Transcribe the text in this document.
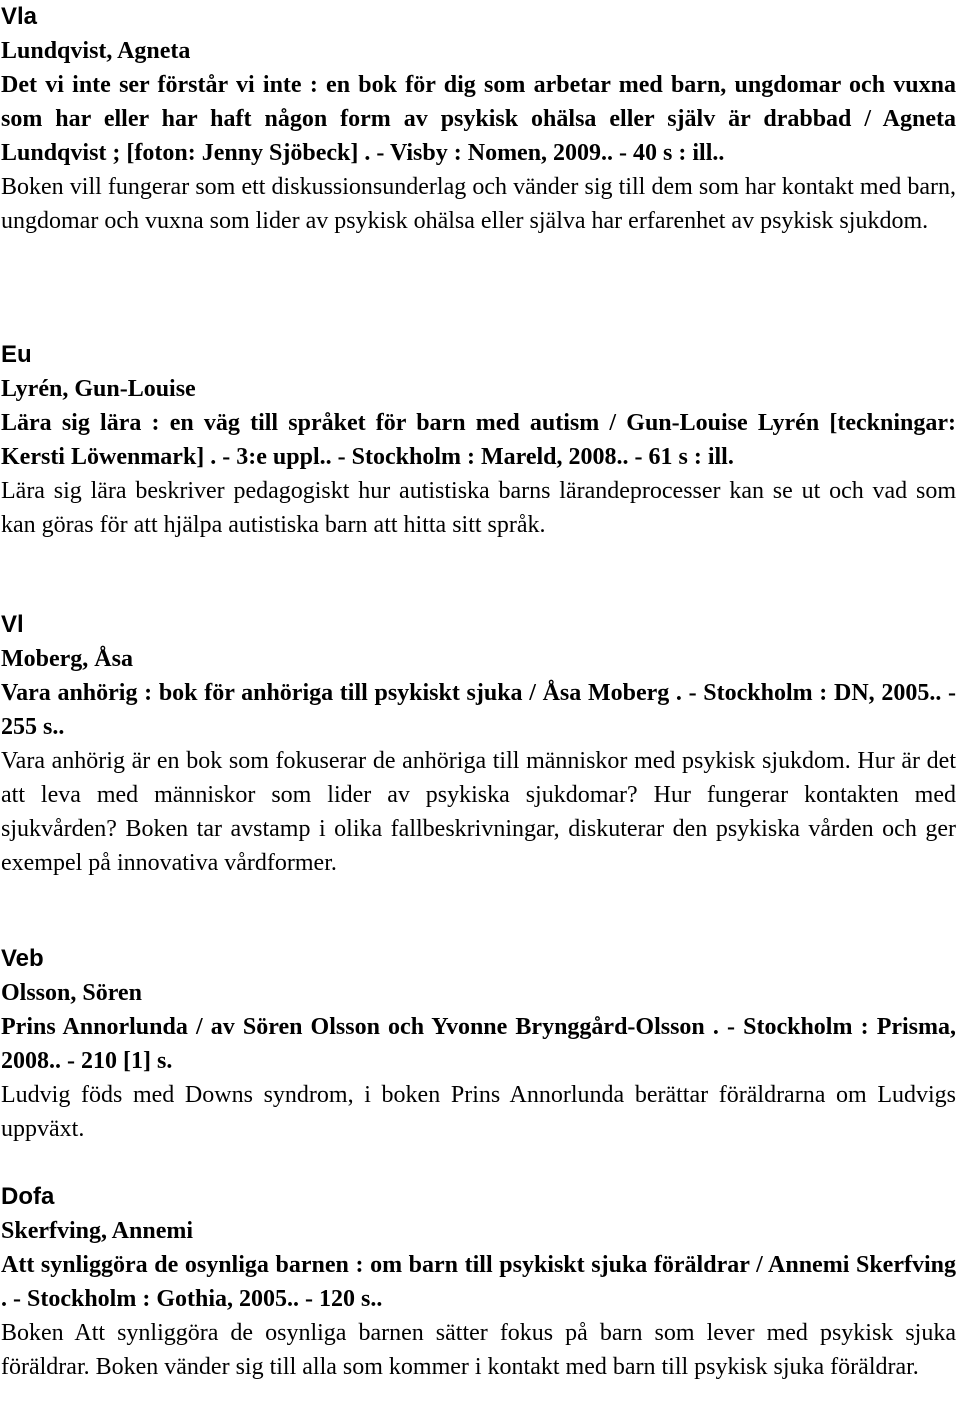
Vla

Lundqvist, Agneta

Det vi inte ser förstår vi inte : en bok för dig som arbetar med barn, ungdomar och vuxna som har eller har haft någon form av psykisk ohälsa eller själv är drabbad / Agneta Lundqvist ; [foton: Jenny Sjöbeck] . - Visby : Nomen, 2009.. - 40 s : ill..

Boken vill fungerar som ett diskussionsunderlag och vänder sig till dem som har kontakt med barn, ungdomar och vuxna som lider av psykisk ohälsa eller själva har erfarenhet av psykisk sjukdom.

Eu

Lyrén, Gun-Louise

Lära sig lära : en väg till språket för barn med autism / Gun-Louise Lyrén [teckningar: Kersti Löwenmark] . - 3:e uppl.. - Stockholm : Mareld, 2008.. - 61 s : ill.

Lära sig lära beskriver pedagogiskt hur autistiska barns lärandeprocesser kan se ut och vad som kan göras för att hjälpa autistiska barn att hitta sitt språk.

Vl

Moberg, Åsa

Vara anhörig : bok för anhöriga till psykiskt sjuka / Åsa Moberg . - Stockholm : DN, 2005.. - 255 s..

Vara anhörig är en bok som fokuserar de anhöriga till människor med psykisk sjukdom. Hur är det att leva med människor som lider av psykiska sjukdomar? Hur fungerar kontakten med sjukvården? Boken tar avstamp i olika fallbeskrivningar, diskuterar den psykiska vården och ger exempel på innovativa vårdformer.

Veb

Olsson, Sören

Prins Annorlunda / av Sören Olsson och Yvonne Brynggård-Olsson . - Stockholm : Prisma, 2008.. - 210 [1] s.

Ludvig föds med Downs syndrom, i boken Prins Annorlunda berättar föräldrarna om Ludvigs uppväxt.

Dofa

Skerfving, Annemi

Att synliggöra de osynliga barnen : om barn till psykiskt sjuka föräldrar / Annemi Skerfving . - Stockholm : Gothia, 2005.. - 120 s..

Boken Att synliggöra de osynliga barnen sätter fokus på barn som lever med psykisk sjuka föräldrar. Boken vänder sig till alla som kommer i kontakt med barn till psykisk sjuka föräldrar.
